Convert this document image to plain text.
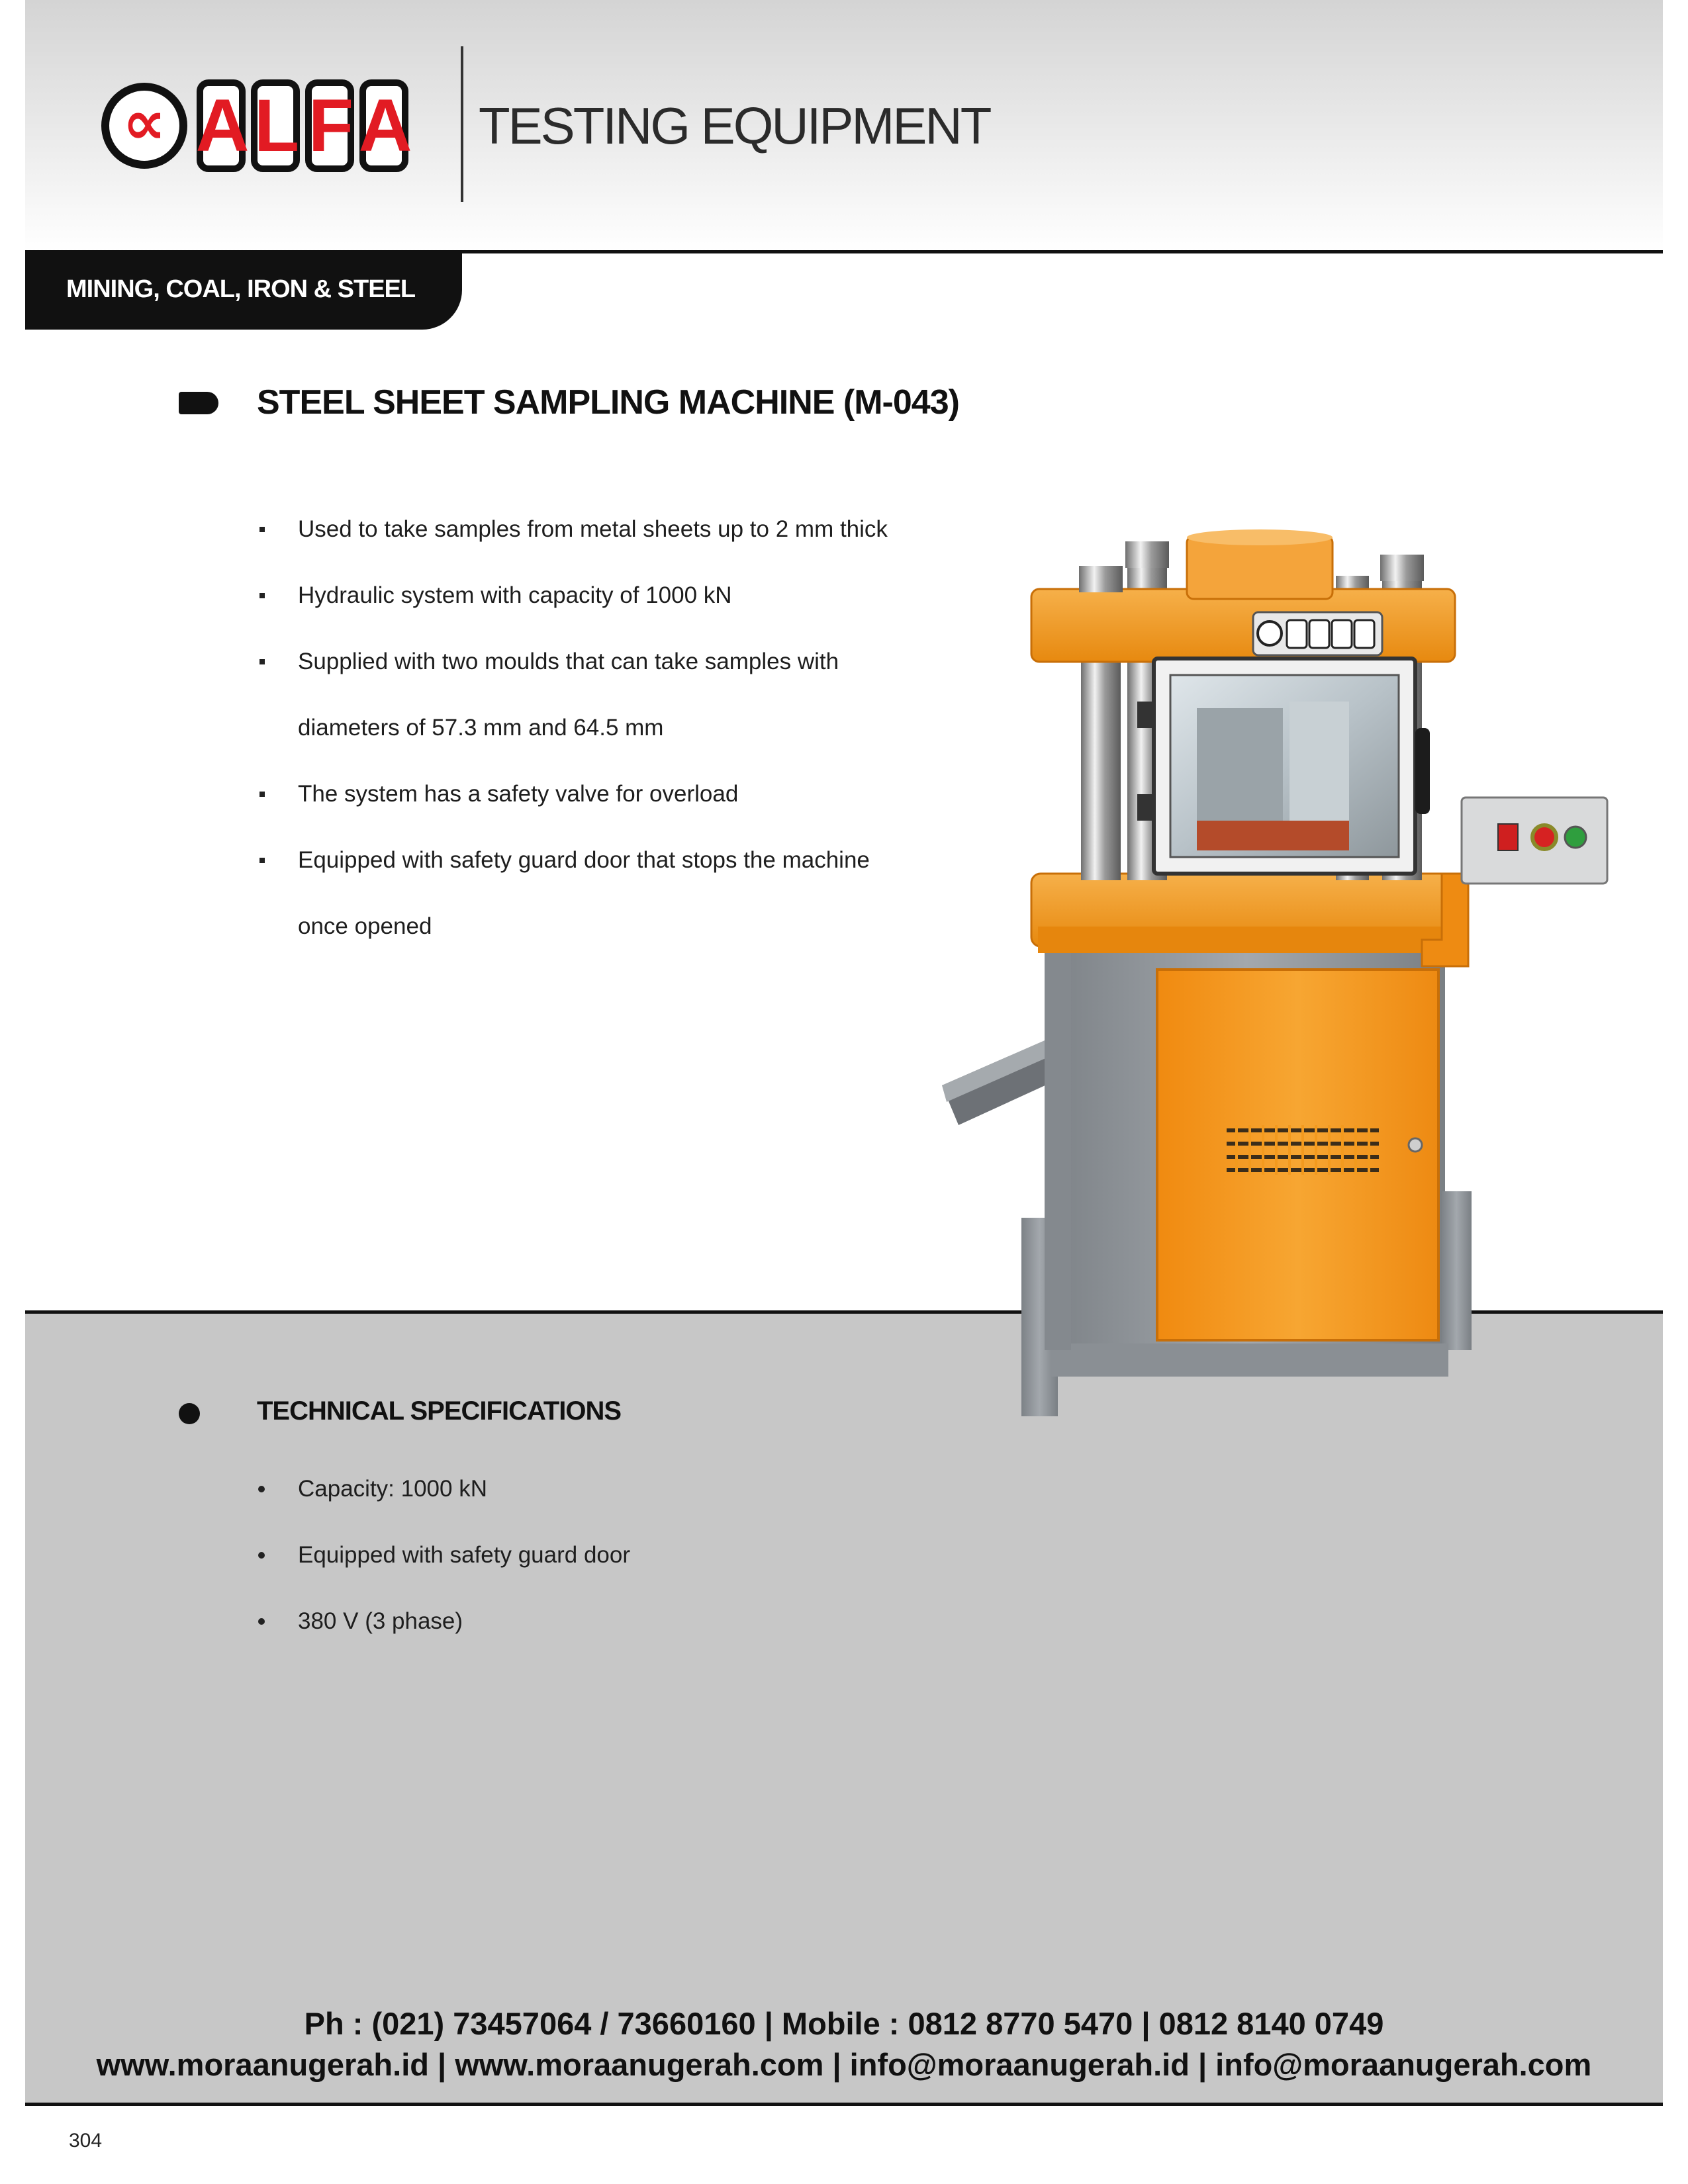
∝ A L F A TESTING EQUIPMENT
MINING, COAL, IRON & STEEL
STEEL SHEET SAMPLING MACHINE (M-043)
Used to take samples from metal sheets up to 2 mm thick
Hydraulic system with capacity of 1000 kN
Supplied with two moulds that can take samples with
diameters of 57.3 mm and 64.5 mm
The system has a safety valve for overload
Equipped with safety guard door that stops the machine
once opened
TECHNICAL SPECIFICATIONS
Capacity: 1000 kN
Equipped with safety guard door
380 V (3 phase)
Ph : (021) 73457064 / 73660160 | Mobile : 0812 8770 5470 | 0812 8140 0749
www.moraanugerah.id | www.moraanugerah.com | info@moraanugerah.id | info@moraanugerah.com
304
